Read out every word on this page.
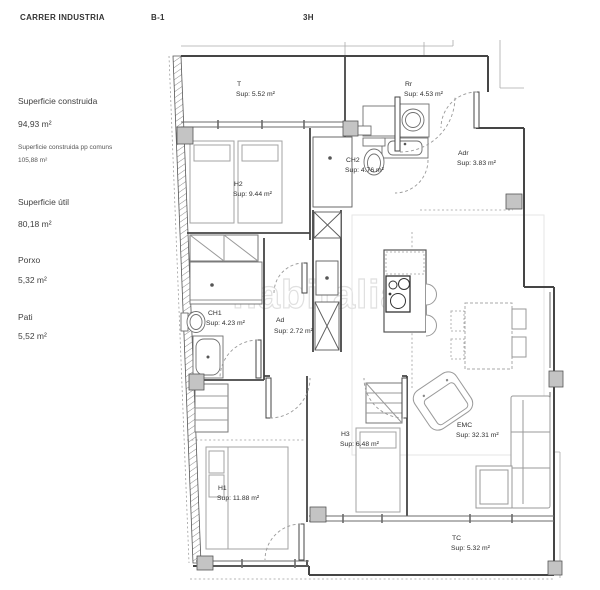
CARRER INDUSTRIA	B-1	3H
Superficie construida
94,93 m²
Superficie construida pp comuns
105,88 m²
Superficie útil
80,18 m²
Porxo
5,32 m²
Pati
5,52 m²
T
Sup: 5.52 m²
Rr
Sup: 4.53 m²
H2
Sup: 9.44 m²
CH2
Sup: 4.76 m²
Adr
Sup: 3.83 m²
CH1
Sup: 4.23 m²	Ad
Sup: 2.72 m²
H3
Sup: 6.48 m²
EMC
Sup: 32.31 m²
H1
Sup: 11.88 m²
TC
Sup: 5.32 m²
